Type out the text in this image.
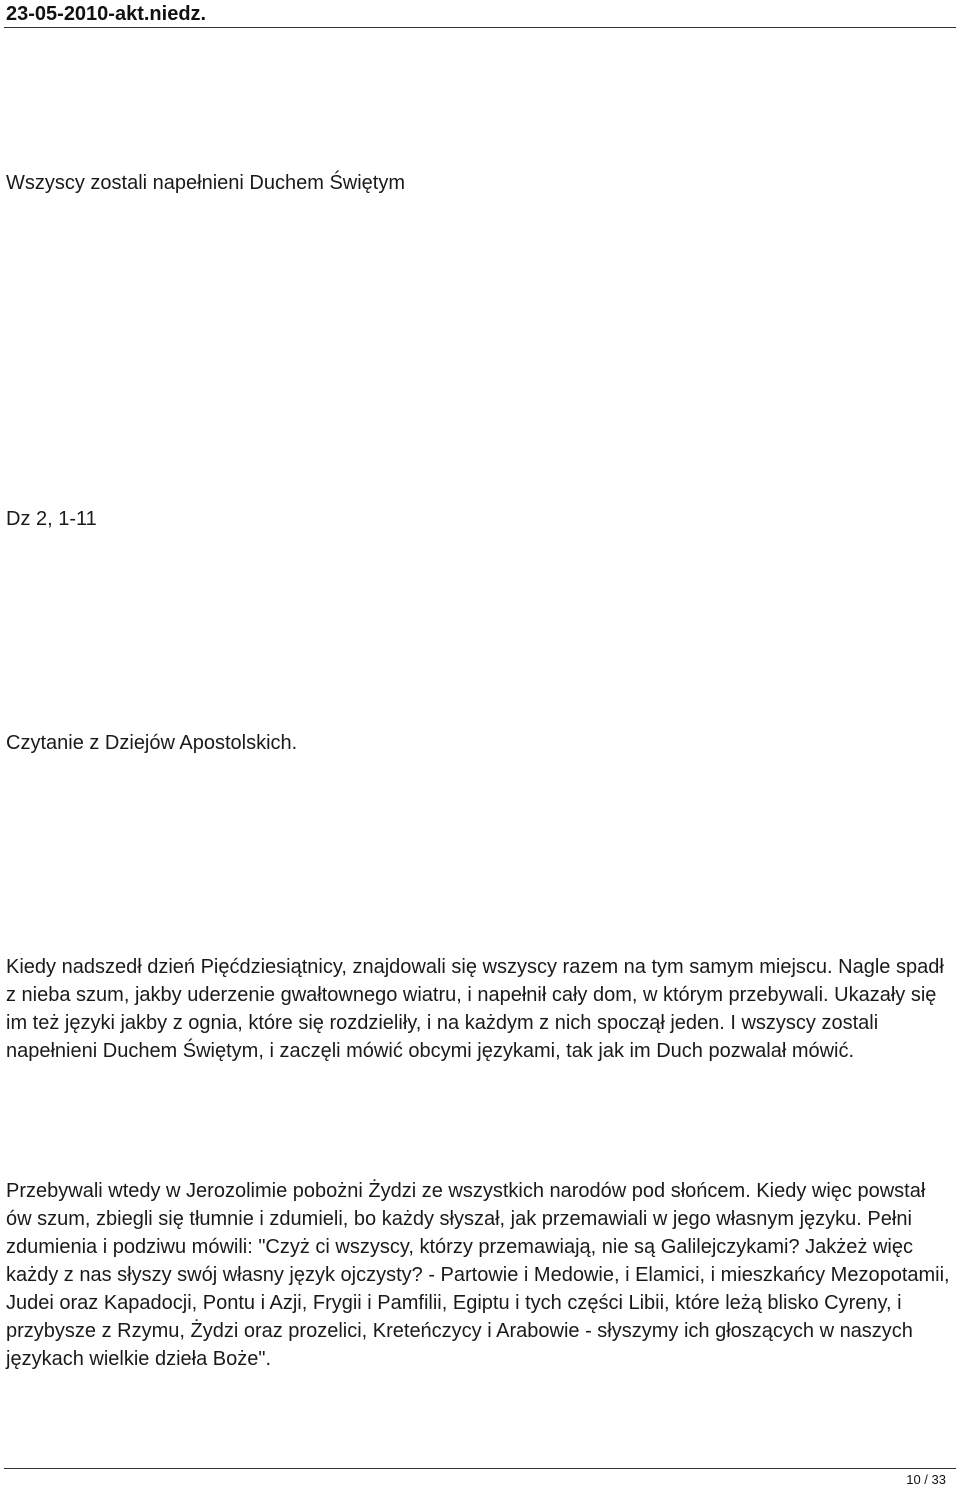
23-05-2010-akt.niedz.
Wszyscy zostali napełnieni Duchem Świętym
Dz 2, 1-11
Czytanie z Dziejów Apostolskich.
Kiedy nadszedł dzień Pięćdziesiątnicy, znajdowali się wszyscy razem na tym samym miejscu. Nagle spadł z nieba szum, jakby uderzenie gwałtownego wiatru, i napełnił cały dom, w którym przebywali. Ukazały się im też języki jakby z ognia, które się rozdzieliły, i na każdym z nich spoczął jeden. I wszyscy zostali napełnieni Duchem Świętym, i zaczęli mówić obcymi językami, tak jak im Duch pozwalał mówić.
Przebywali wtedy w Jerozolimie pobożni Żydzi ze wszystkich narodów pod słońcem. Kiedy więc powstał ów szum, zbiegli się tłumnie i zdumieli, bo każdy słyszał, jak przemawiali w jego własnym języku. Pełni zdumienia i podziwu mówili: "Czyż ci wszyscy, którzy przemawiają, nie są Galilejczykami? Jakżeż więc każdy z nas słyszy swój własny język ojczysty? - Partowie i Medowie, i Elamici, i mieszkańcy Mezopotamii, Judei oraz Kapadocji, Pontu i Azji, Frygii i Pamfilii, Egiptu i tych części Libii, które leżą blisko Cyreny, i przybysze z Rzymu, Żydzi oraz prozelici, Kreteńczycy i Arabowie - słyszymy ich głoszących w naszych językach wielkie dzieła Boże".
10 / 33
